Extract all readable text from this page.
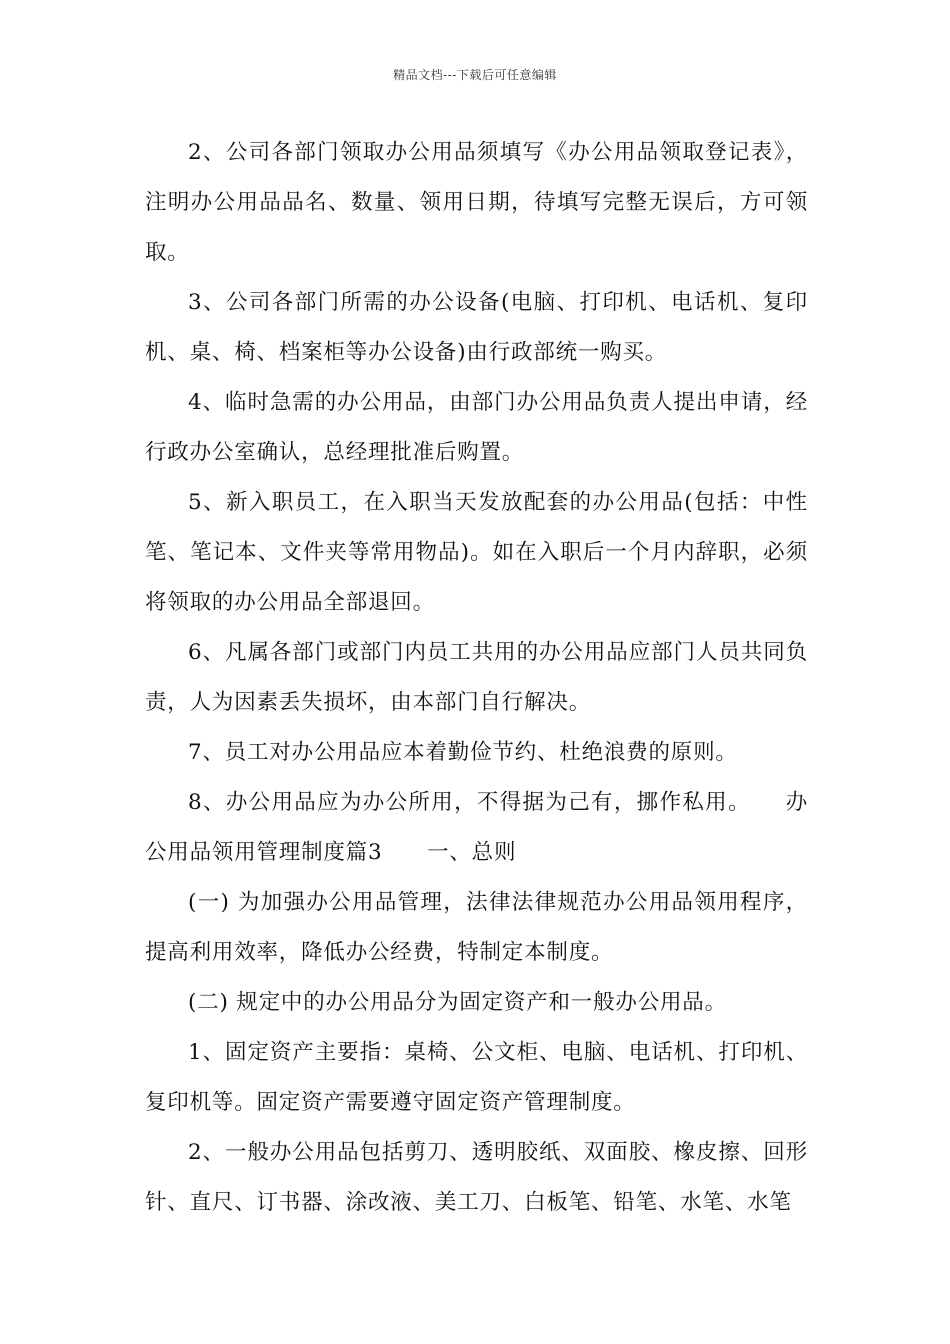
精品文档---下载后可任意编辑

2、公司各部门领取办公用品须填写《办公用品领取登记表》，注明办公用品品名、数量、领用日期，待填写完整无误后，方可领取。

3、公司各部门所需的办公设备(电脑、打印机、电话机、复印机、桌、椅、档案柜等办公设备)由行政部统一购买。

4、临时急需的办公用品，由部门办公用品负责人提出申请，经行政办公室确认，总经理批准后购置。

5、新入职员工，在入职当天发放配套的办公用品(包括：中性笔、笔记本、文件夹等常用物品)。如在入职后一个月内辞职，必须将领取的办公用品全部退回。

6、凡属各部门或部门内员工共用的办公用品应部门人员共同负责，人为因素丢失损坏，由本部门自行解决。

7、员工对办公用品应本着勤俭节约、杜绝浪费的原则。

8、办公用品应为办公所用，不得据为己有，挪作私用。　　办公用品领用管理制度篇3　　一、总则

(一) 为加强办公用品管理，法律法律规范办公用品领用程序，提高利用效率，降低办公经费，特制定本制度。

(二) 规定中的办公用品分为固定资产和一般办公用品。

1、固定资产主要指：桌椅、公文柜、电脑、电话机、打印机、复印机等。固定资产需要遵守固定资产管理制度。

2、一般办公用品包括剪刀、透明胶纸、双面胶、橡皮擦、回形针、直尺、订书器、涂改液、美工刀、白板笔、铅笔、水笔、水笔
